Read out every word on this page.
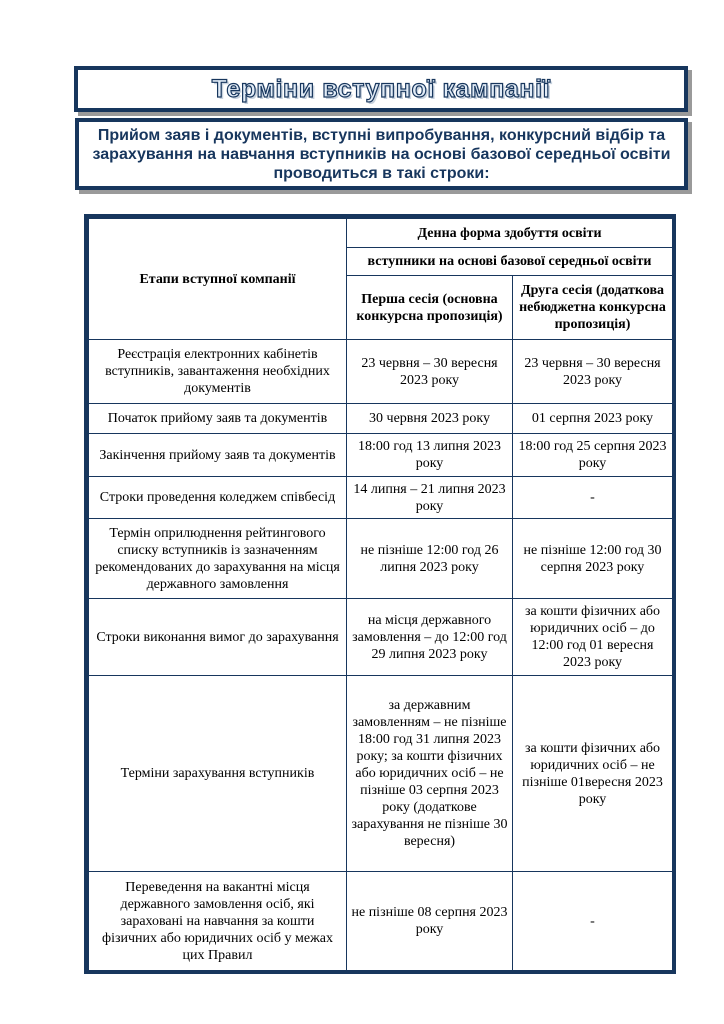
Терміни вступної кампанії
Прийом заяв і документів, вступні випробування, конкурсний відбір та зарахування на навчання вступників на основі базової середньої освіти проводиться в такі строки:
Етапи вступної компанії	Денна форма здобуття освіти	
	вступники на основі базової середньої освіти	
	Перша сесія (основна конкурсна пропозиція)	Друга сесія (додаткова небюджетна конкурсна пропозиція)
Реєстрація електронних кабінетів вступників, завантаження необхідних документів	23 червня – 30 вересня 2023 року	23 червня – 30 вересня 2023 року
Початок прийому заяв та документів	30 червня 2023 року	01 серпня 2023 року
Закінчення прийому заяв та документів	18:00 год 13 липня 2023 року	18:00 год 25 серпня 2023 року
Строки проведення коледжем співбесід	14 липня – 21 липня 2023 року	-
Термін оприлюднення рейтингового списку вступників із зазначенням рекомендованих до зарахування на місця державного замовлення	не пізніше 12:00 год 26 липня 2023 року	не пізніше 12:00 год 30 серпня 2023 року
Строки виконання вимог до зарахування	на місця державного замовлення – до 12:00 год 29 липня 2023 року	за кошти фізичних або юридичних осіб – до 12:00 год 01 вересня 2023 року
Терміни зарахування вступників	за державним замовленням – не пізніше 18:00 год 31 липня 2023 року; за кошти фізичних або юридичних осіб – не пізніше 03 серпня 2023 року (додаткове зарахування не пізніше 30 вересня)	за кошти фізичних або юридичних осіб – не пізніше 01вересня 2023 року
Переведення на вакантні місця державного замовлення осіб, які зараховані на навчання за кошти фізичних або юридичних осіб у межах цих Правил	не пізніше 08 серпня 2023 року	-
